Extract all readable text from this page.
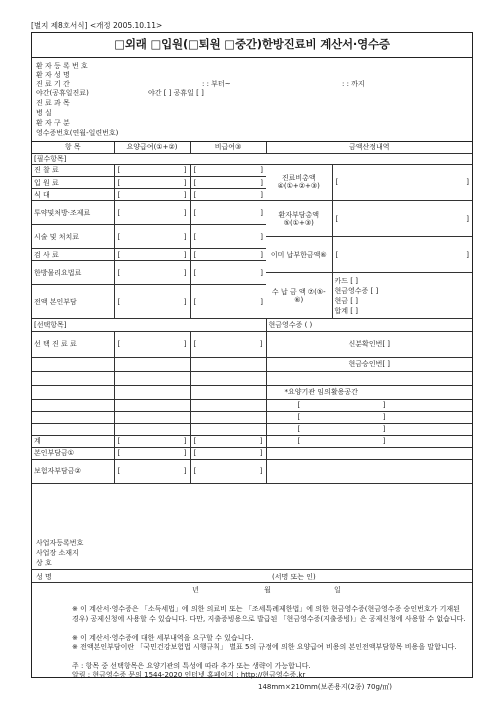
[별지 제8호서식] <개정 2005.10.11>
□외래 □입원(□퇴원 □중간)한방진료비 계산서·영수증
환 자 등 록 번 호
환 자 성 명
진 료 기 간	: : 부터~	: : 까지
야간(공휴일진료)	야간 [ ] 공휴일 [ ]
진 료 과 목
병 실
환 자 구 분
영수증번호(연월-일련번호)
항 목	요양급여(①+②)	비급여③	금액산정내역
[필수항목]
진 찰 료	[ ]	[ ]

입 원 료	[ ]	[ ]

식 대	[ ]	[ ]

투약및처방·조제료	[ ]	[ ]

시술 및 처치료	[ ]	[ ]

검 사 료	[ ]	[ ]

한방물리요법료	[ ]	[ ]

전액 본인부담	[ ]	[ ]
진료비총액 ④(①+②+③)	[ ]

환자부담총액 ⑤(①+③)	[ ]

이미 납부한금액⑥	[ ]

수 납 금 액 ⑦(⑤-⑥)	카드 [ ]
현금영수증 [ ]
현금 [ ]
합계 [ ]
[선택항목]			현금영수증 ( )
선 택 진 료 료	[ ]	[ ]	신분확인번[ ]
			현금승인번[ ]

			*요양기관 임의활용공간

			[ ]

			[ ]

			[ ]

계	[ ]	[ ]	[ ]

본인부담금①	[ ]	[ ]	

보험자부담금②	[ ]	[ ]	

사업자등록번호
사업장 소재지
상 호
성 명	(서명 또는 인)
년	월	일
※ 이 계산서·영수증은 「소득세법」에 의한 의료비 또는 「조세특례제한법」에 의한 현금영수증(현금영수증 승인번호가 기재된 경우) 공제신청에 사용할 수 있습니다. 다만, 지출증빙용으로 발급된 「현금영수증(지출증빙)」은 공제신청에 사용할 수 없습니다.
※ 이 계산서·영수증에 대한 세부내역을 요구할 수 있습니다.
※ 전액본인부담이란 「국민건강보험법 시행규칙」 별표 5의 규정에 의한 요양급여 비용의 본인전액부담항목 비용을 말합니다.
주 : 항목 중 선택항목은 요양기관의 특성에 따라 추가 또는 생략이 가능합니다.
알림 : 현금영수증 문의 1544-2020 인터넷 홈페이지 : http://현금영수증.kr
148mm×210mm(보존용지(2종) 70g/㎡)
